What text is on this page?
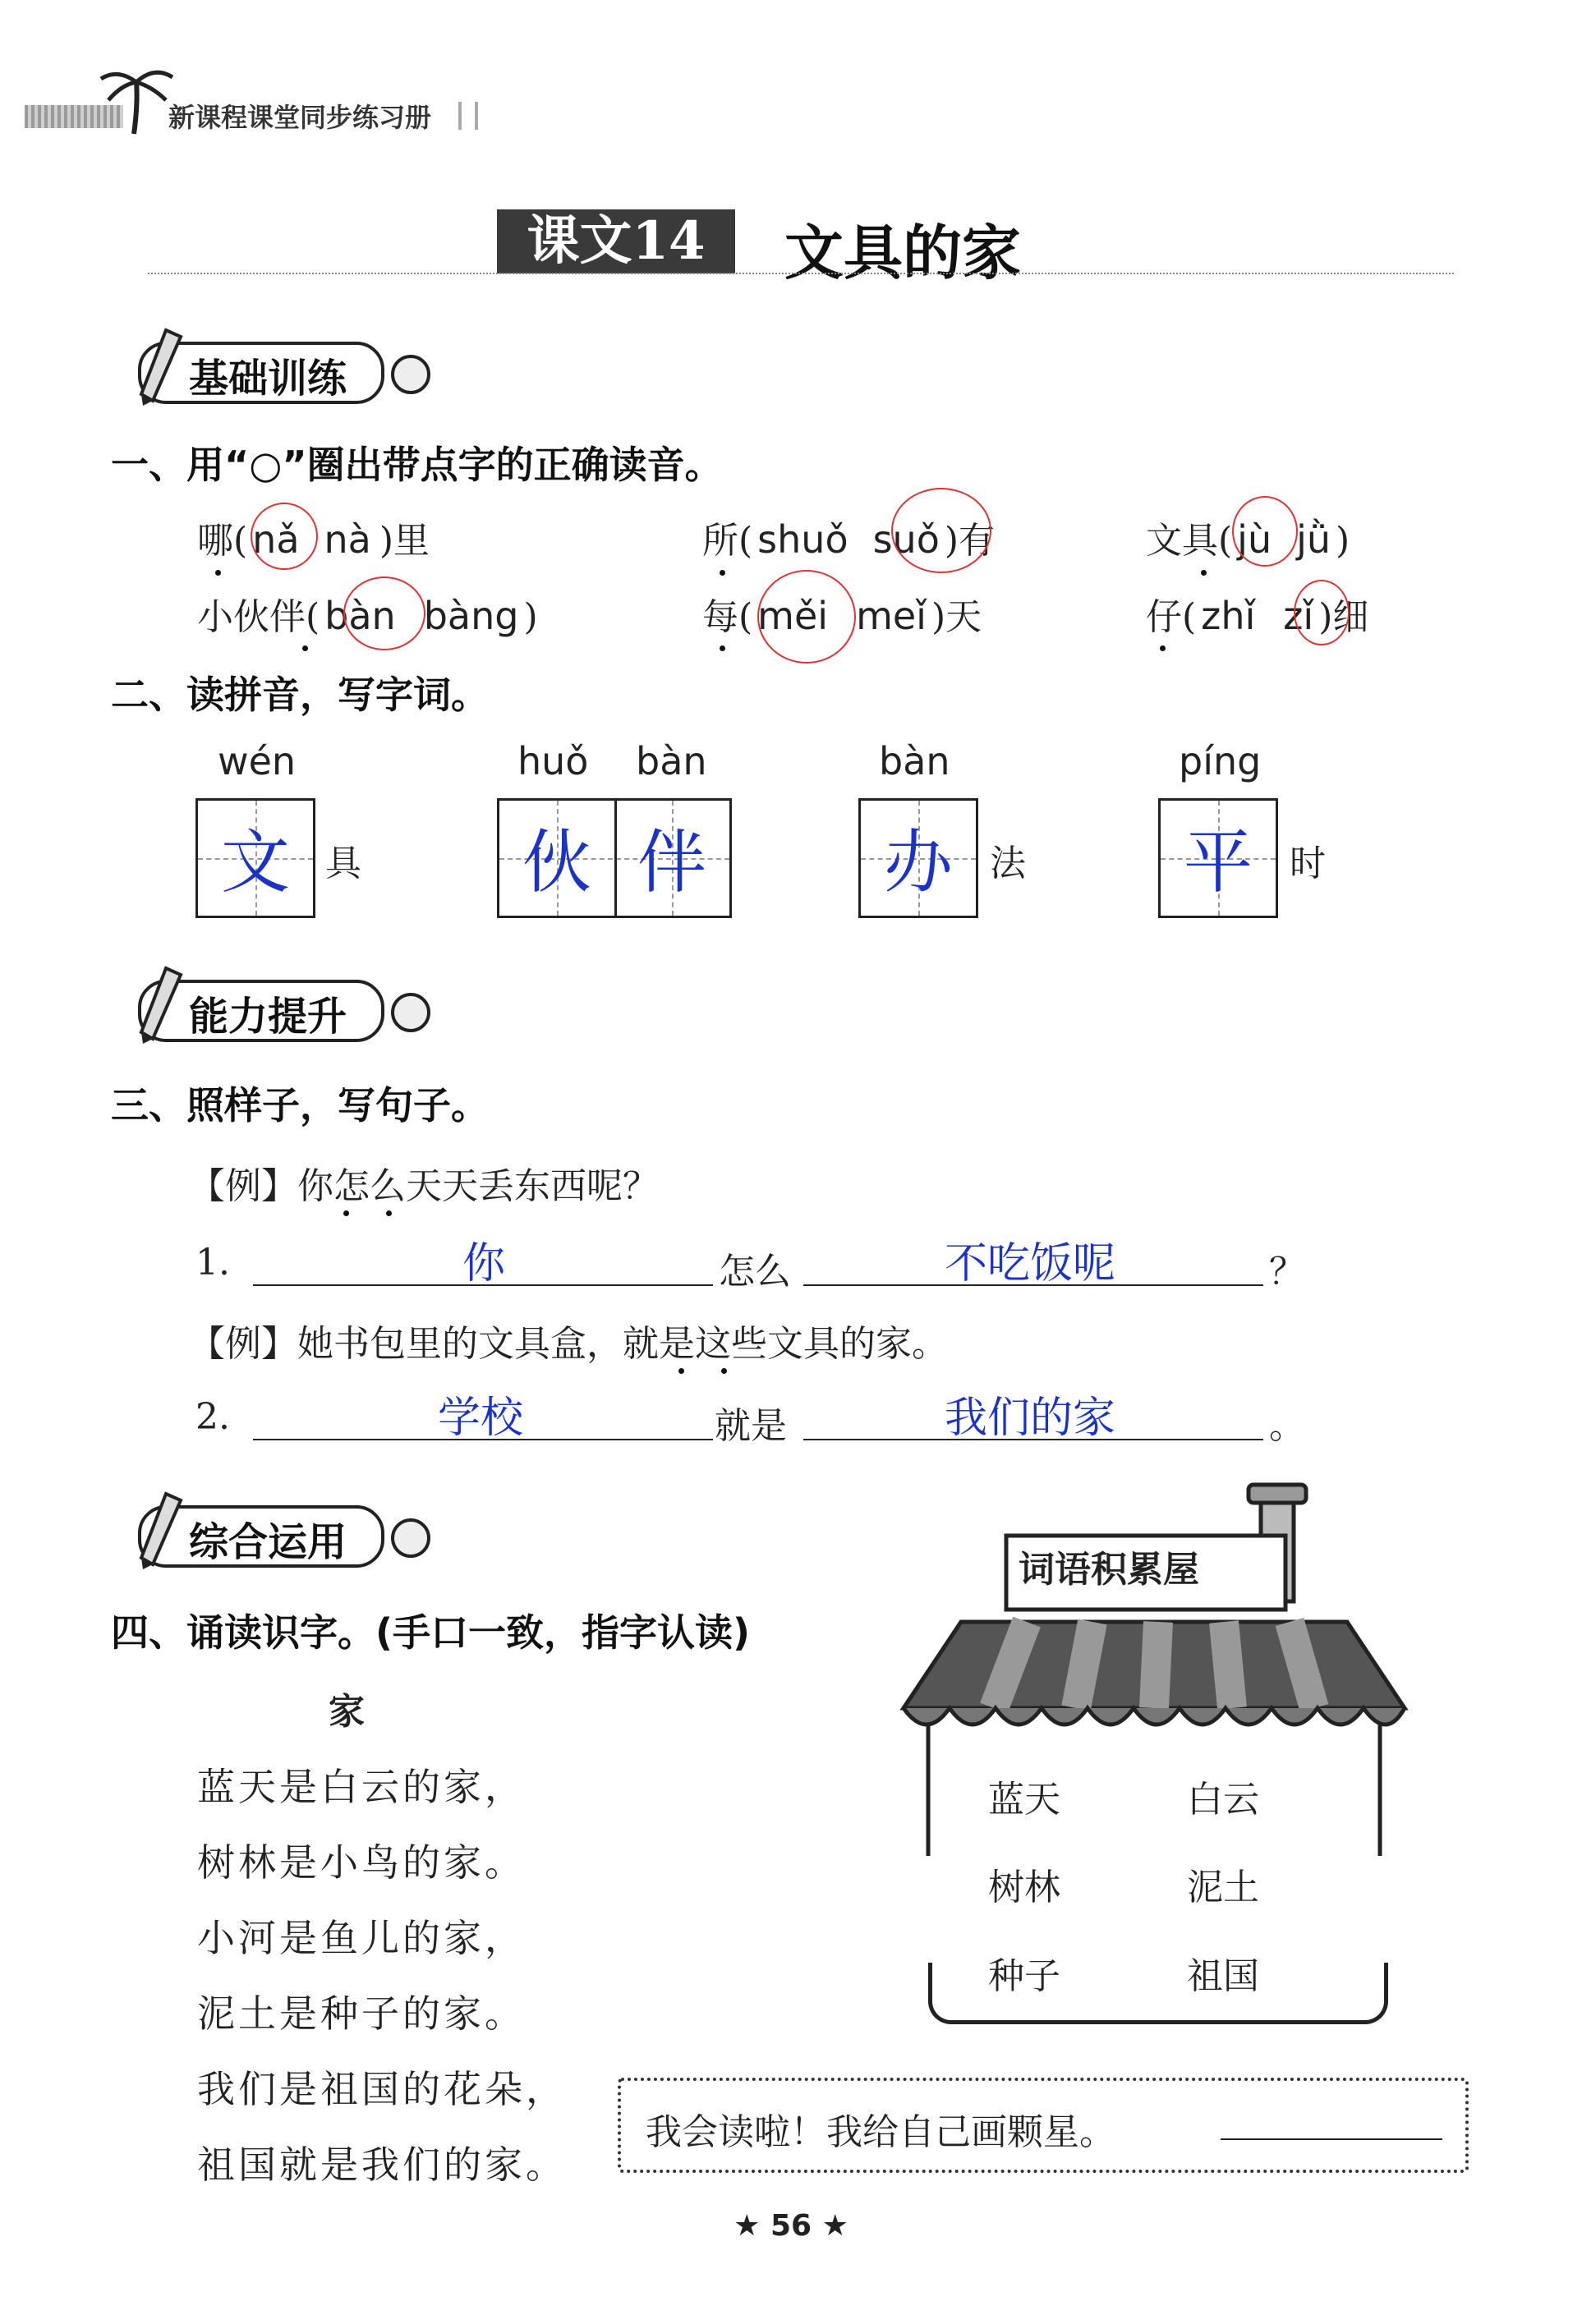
新课程课堂同步练习册
课文14	文具的家
基础训练
一、用“○”圈出带点字的正确读音。
哪( nǎ nà )里	所( shuǒ suǒ )有	文具( jù jǜ )
小伙伴( bàn bàng )	每( měi meǐ )天	仔( zhǐ zǐ )细
二、读拼音，写字词。
wén
文 具
huǒ bàn
伙 伴
bàn
办 法
píng
平 时
能力提升
三、照样子，写句子。
【例】你怎么天天丢东西呢？
1.	你	怎么	不吃饭呢	？
【例】她书包里的文具盒，就是这些文具的家。
2.	学校	就是	我们的家	。
综合运用
四、诵读识字。(手口一致，指字认读)
家
蓝天是白云的家，
树林是小鸟的家。
小河是鱼儿的家，
泥土是种子的家。
我们是祖国的花朵，
祖国就是我们的家。
词语积累屋
蓝天	白云
树林	泥土
种子	祖国
我会读啦！我给自己画颗星。
★ 56 ★
